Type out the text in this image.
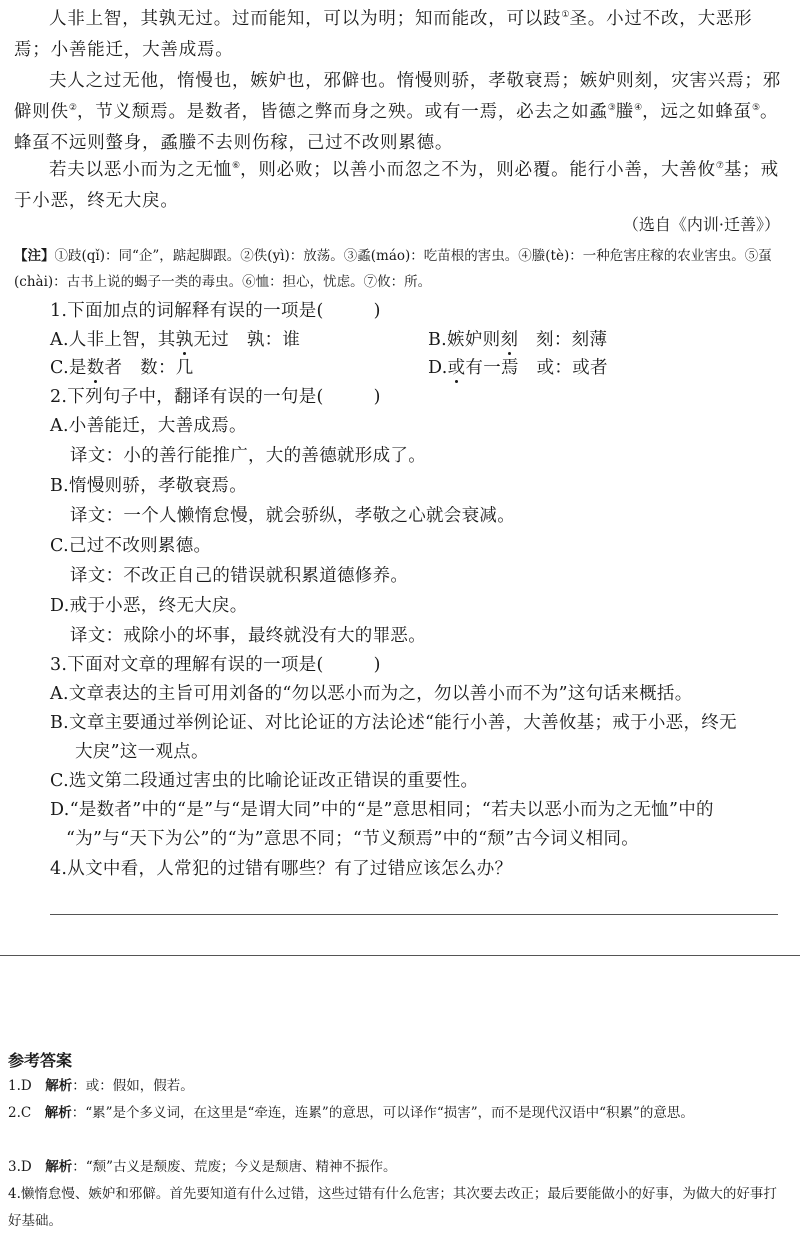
人非上智，其孰无过。过而能知，可以为明；知而能改，可以跂①圣。小过不改，大恶形焉；小善能迁，大善成焉。

夫人之过无他，惰慢也，嫉妒也，邪僻也。惰慢则骄，孝敬衰焉；嫉妒则刻，灾害兴焉；邪僻则佚②，节义颓焉。是数者，皆德之弊而身之殃。或有一焉，必去之如蟊③螣④，远之如蜂虿⑤。蜂虿不远则螫身，蟊螣不去则伤稼，己过不改则累德。

若夫以恶小而为之无恤⑥，则必败；以善小而忽之不为，则必覆。能行小善，大善攸⑦基；戒于小恶，终无大戾。

（选自《内训·迁善》）

【注】①跂(qǐ)：同“企”，踮起脚跟。②佚(yì)：放荡。③蟊(máo)：吃苗根的害虫。④螣(tè)：一种危害庄稼的农业害虫。⑤虿(chài)：古书上说的蝎子一类的毒虫。⑥恤：担心，忧虑。⑦攸：所。

1.下面加点的词解释有误的一项是(	)
A.人非上智，其孰无过　孰：谁	B.嫉妒则刻　刻：刻薄
C.是数者　数：几	D.或有一焉　或：或者
2.下列句子中，翻译有误的一句是(	)
A.小善能迁，大善成焉。
译文：小的善行能推广，大的善德就形成了。
B.惰慢则骄，孝敬衰焉。
译文：一个人懒惰怠慢，就会骄纵，孝敬之心就会衰减。
C.己过不改则累德。
译文：不改正自己的错误就积累道德修养。
D.戒于小恶，终无大戾。
译文：戒除小的坏事，最终就没有大的罪恶。
3.下面对文章的理解有误的一项是(	)
A.文章表达的主旨可用刘备的“勿以恶小而为之，勿以善小而不为”这句话来概括。
B.文章主要通过举例论证、对比论证的方法论述“能行小善，大善攸基；戒于小恶，终无
大戾”这一观点。
C.选文第二段通过害虫的比喻论证改正错误的重要性。
D.“是数者”中的“是”与“是谓大同”中的“是”意思相同；“若夫以恶小而为之无恤”中的
“为”与“天下为公”的“为”意思不同；“节义颓焉”中的“颓”古今词义相同。
4.从文中看，人常犯的过错有哪些？有了过错应该怎么办？
参考答案

1.D　 解析：或：假如，假若。

2.C　 解析：“累”是个多义词，在这里是“牵连，连累”的意思，可以译作“损害”，而不是现代汉语中“积累”的意思。

3.D　 解析：“颓”古义是颓废、荒废；今义是颓唐、精神不振作。

4.懒惰怠慢、嫉妒和邪僻。首先要知道有什么过错，这些过错有什么危害；其次要去改正；最后要能做小的好事，为做大的好事打好基础。
